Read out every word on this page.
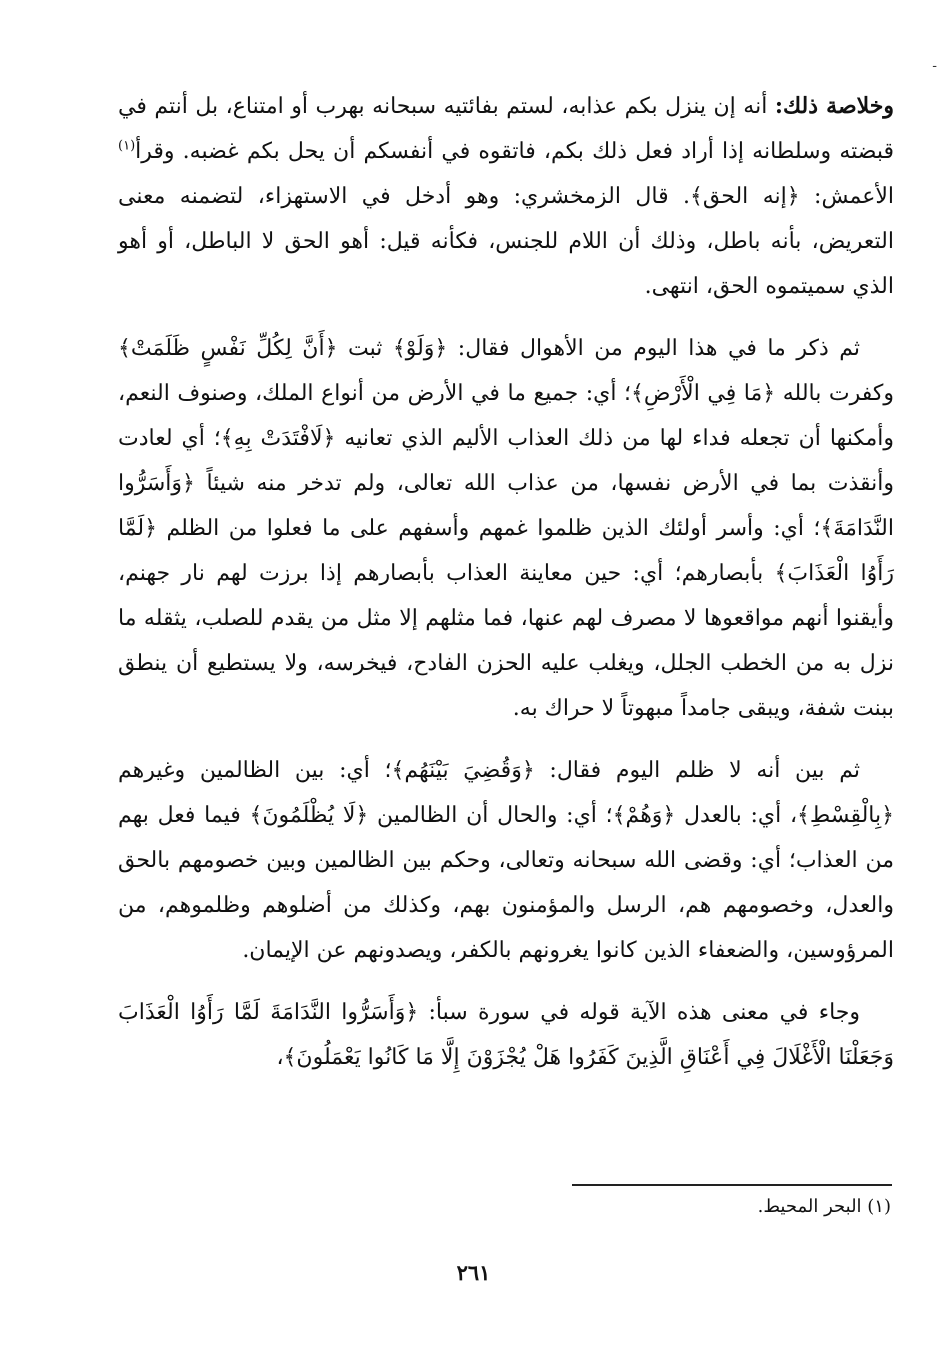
-

وخلاصة ذلك: أنه إن ينزل بكم عذابه، لستم بفائتيه سبحانه بهرب أو امتناع، بل أنتم في قبضته وسلطانه إذا أراد فعل ذلك بكم، فاتقوه في أنفسكم أن يحل بكم غضبه. وقرأ$^{(١)}$ الأعمش: ﴿إنه الحق﴾. قال الزمخشري: وهو أدخل في الاستهزاء، لتضمنه معنى التعريض، بأنه باطل، وذلك أن اللام للجنس، فكأنه قيل: أهو الحق لا الباطل، أو أهو الذي سميتموه الحق، انتهى.

ثم ذكر ما في هذا اليوم من الأهوال فقال: ﴿وَلَوْ﴾ ثبت ﴿أَنَّ لِكُلِّ نَفْسٍ ظَلَمَتْ﴾ وكفرت بالله ﴿مَا فِي الْأَرْضِ﴾؛ أي: جميع ما في الأرض من أنواع الملك، وصنوف النعم، وأمكنها أن تجعله فداء لها من ذلك العذاب الأليم الذي تعانيه ﴿لَافْتَدَتْ بِهِ﴾؛ أي لعادت وأنقذت بما في الأرض نفسها، من عذاب الله تعالى، ولم تدخر منه شيئاً ﴿وَأَسَرُّوا النَّدَامَةَ﴾؛ أي: وأسر أولئك الذين ظلموا غمهم وأسفهم على ما فعلوا من الظلم ﴿لَمَّا رَأَوُا الْعَذَابَ﴾ بأبصارهم؛ أي: حين معاينة العذاب بأبصارهم إذا برزت لهم نار جهنم، وأيقنوا أنهم مواقعوها لا مصرف لهم عنها، فما مثلهم إلا مثل من يقدم للصلب، يثقله ما نزل به من الخطب الجلل، ويغلب عليه الحزن الفادح، فيخرسه، ولا يستطيع أن ينطق ببنت شفة، ويبقى جامداً مبهوتاً لا حراك به.

ثم بين أنه لا ظلم اليوم فقال: ﴿وَقُضِيَ بَيْنَهُم﴾؛ أي: بين الظالمين وغيرهم ﴿بِالْقِسْطِ﴾، أي: بالعدل ﴿وَهُمْ﴾؛ أي: والحال أن الظالمين ﴿لَا يُظْلَمُونَ﴾ فيما فعل بهم من العذاب؛ أي: وقضى الله سبحانه وتعالى، وحكم بين الظالمين وبين خصومهم بالحق والعدل، وخصومهم هم، الرسل والمؤمنون بهم، وكذلك من أضلوهم وظلموهم، من المرؤوسين، والضعفاء الذين كانوا يغرونهم بالكفر، ويصدونهم عن الإيمان.

وجاء في معنى هذه الآية قوله في سورة سبأ: ﴿وَأَسَرُّوا النَّدَامَةَ لَمَّا رَأَوُا الْعَذَابَ وَجَعَلْنَا الْأَغْلَالَ فِي أَعْنَاقِ الَّذِينَ كَفَرُوا هَلْ يُجْزَوْنَ إِلَّا مَا كَانُوا يَعْمَلُونَ﴾،

(١) البحر المحيط.
٢٦١
